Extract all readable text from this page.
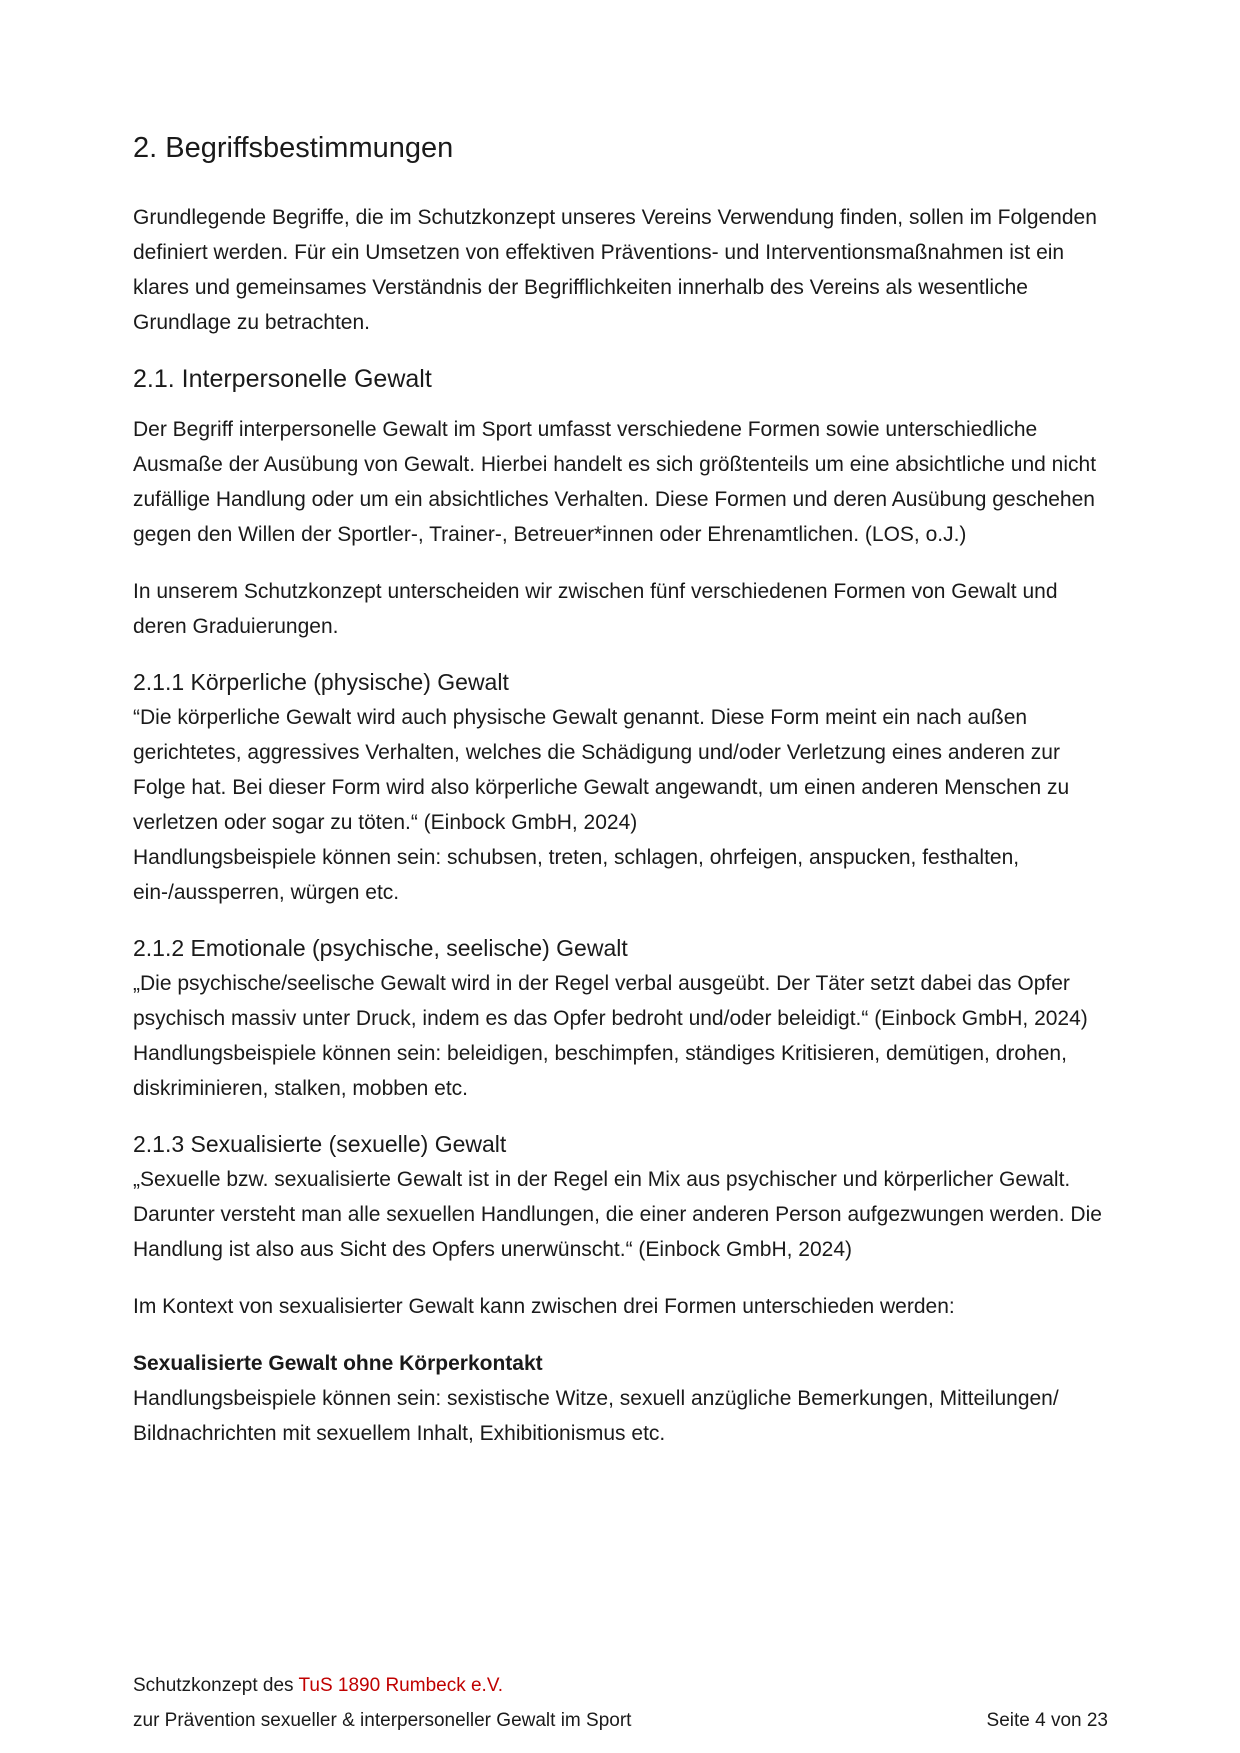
2. Begriffsbestimmungen

Grundlegende Begriffe, die im Schutzkonzept unseres Vereins Verwendung finden, sollen im Folgenden definiert werden. Für ein Umsetzen von effektiven Präventions- und Interventionsmaßnahmen ist ein klares und gemeinsames Verständnis der Begrifflichkeiten innerhalb des Vereins als wesentliche Grundlage zu betrachten.

2.1. Interpersonelle Gewalt

Der Begriff interpersonelle Gewalt im Sport umfasst verschiedene Formen sowie unterschiedliche Ausmaße der Ausübung von Gewalt. Hierbei handelt es sich größtenteils um eine absichtliche und nicht zufällige Handlung oder um ein absichtliches Verhalten. Diese Formen und deren Ausübung geschehen gegen den Willen der Sportler-, Trainer-, Betreuer*innen oder Ehrenamtlichen. (LOS, o.J.)

In unserem Schutzkonzept unterscheiden wir zwischen fünf verschiedenen Formen von Gewalt und deren Graduierungen.

2.1.1 Körperliche (physische) Gewalt

“Die körperliche Gewalt wird auch physische Gewalt genannt. Diese Form meint ein nach außen gerichtetes, aggressives Verhalten, welches die Schädigung und/oder Verletzung eines anderen zur Folge hat. Bei dieser Form wird also körperliche Gewalt angewandt, um einen anderen Menschen zu verletzen oder sogar zu töten.“ (Einbock GmbH, 2024)
Handlungsbeispiele können sein: schubsen, treten, schlagen, ohrfeigen, anspucken, festhalten, ein-/aussperren, würgen etc.

2.1.2 Emotionale (psychische, seelische) Gewalt

„Die psychische/seelische Gewalt wird in der Regel verbal ausgeübt. Der Täter setzt dabei das Opfer psychisch massiv unter Druck, indem es das Opfer bedroht und/oder beleidigt.“ (Einbock GmbH, 2024)
Handlungsbeispiele können sein: beleidigen, beschimpfen, ständiges Kritisieren, demütigen, drohen, diskriminieren, stalken, mobben etc.

2.1.3 Sexualisierte (sexuelle) Gewalt

„Sexuelle bzw. sexualisierte Gewalt ist in der Regel ein Mix aus psychischer und körperlicher Gewalt. Darunter versteht man alle sexuellen Handlungen, die einer anderen Person aufgezwungen werden. Die Handlung ist also aus Sicht des Opfers unerwünscht.“ (Einbock GmbH, 2024)

Im Kontext von sexualisierter Gewalt kann zwischen drei Formen unterschieden werden:

Sexualisierte Gewalt ohne Körperkontakt
Handlungsbeispiele können sein: sexistische Witze, sexuell anzügliche Bemerkungen, Mitteilungen/ Bildnachrichten mit sexuellem Inhalt, Exhibitionismus etc.

Schutzkonzept des TuS 1890 Rumbeck e.V.
zur Prävention sexueller & interpersoneller Gewalt im Sport	Seite 4 von 23
